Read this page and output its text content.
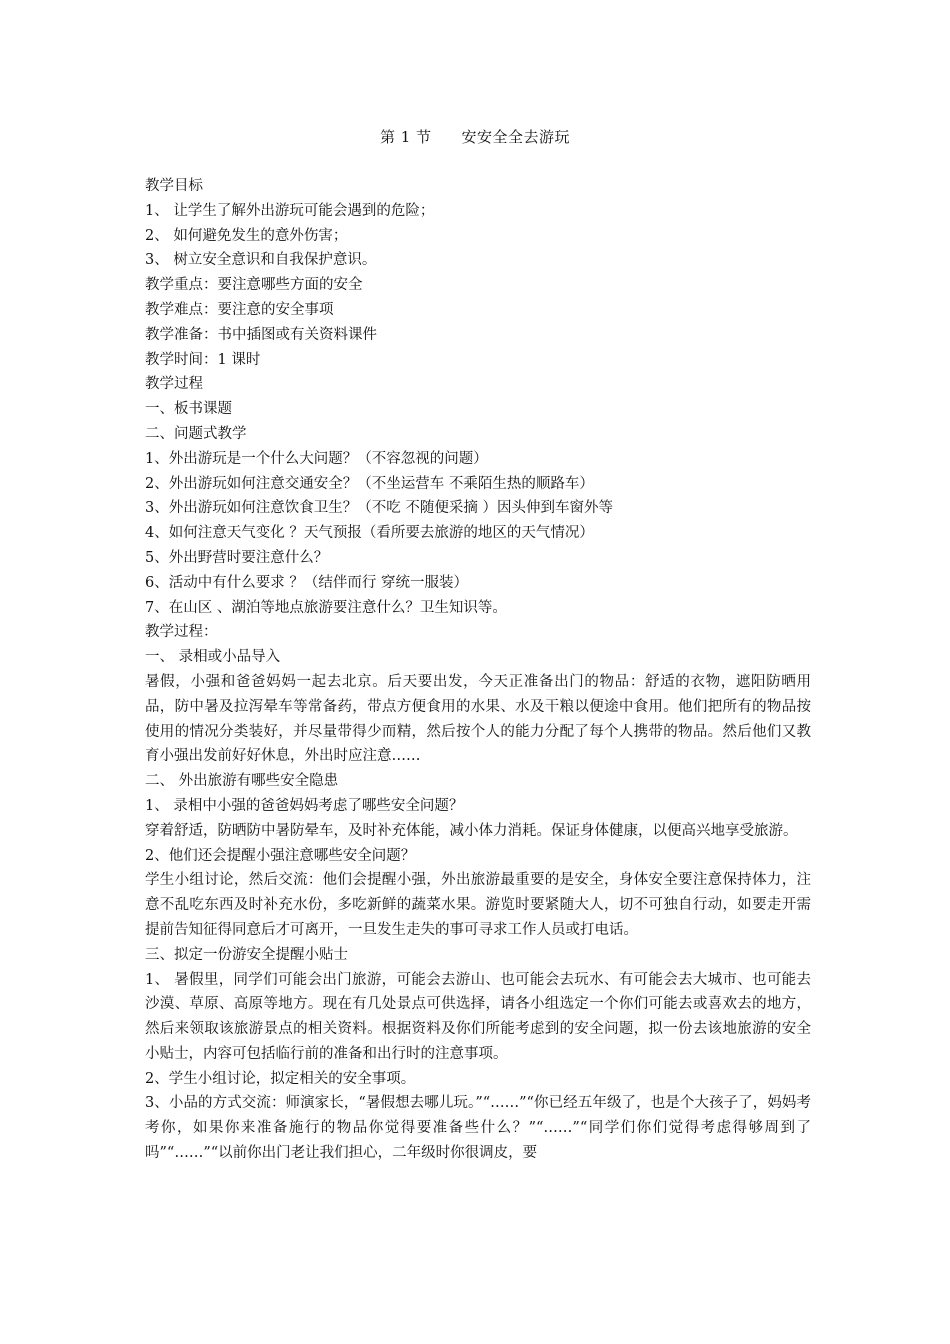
第 1 节 安安全全去游玩

教学目标

1、 让学生了解外出游玩可能会遇到的危险；

2、 如何避免发生的意外伤害；

3、 树立安全意识和自我保护意识。

教学重点：要注意哪些方面的安全

教学难点：要注意的安全事项

教学准备：书中插图或有关资料课件

教学时间：1 课时

教学过程

一、板书课题

二、问题式教学

1、外出游玩是一个什么大问题？（不容忽视的问题）

2、外出游玩如何注意交通安全？（不坐运营车 不乘陌生热的顺路车）

3、外出游玩如何注意饮食卫生？（不吃 不随便采摘 ）因头伸到车窗外等

4、如何注意天气变化 ？天气预报（看所要去旅游的地区的天气情况）

5、外出野营时要注意什么？

6、活动中有什么要求 ？（结伴而行 穿统一服装）

7、在山区 、湖泊等地点旅游要注意什么？卫生知识等。

教学过程：

一、 录相或小品导入

暑假，小强和爸爸妈妈一起去北京。后天要出发，今天正准备出门的物品：舒适的衣物，遮阳防晒用品，防中暑及拉泻晕车等常备药，带点方便食用的水果、水及干粮以便途中食用。他们把所有的物品按使用的情况分类装好，并尽量带得少而精，然后按个人的能力分配了每个人携带的物品。然后他们又教育小强出发前好好休息，外出时应注意……

二、 外出旅游有哪些安全隐患

1、 录相中小强的爸爸妈妈考虑了哪些安全问题？

穿着舒适，防晒防中暑防晕车，及时补充体能，减小体力消耗。保证身体健康，以便高兴地享受旅游。

2、他们还会提醒小强注意哪些安全问题？

学生小组讨论，然后交流：他们会提醒小强，外出旅游最重要的是安全，身体安全要注意保持体力，注意不乱吃东西及时补充水份，多吃新鲜的蔬菜水果。游览时要紧随大人，切不可独自行动，如要走开需提前告知征得同意后才可离开，一旦发生走失的事可寻求工作人员或打电话。

三、拟定一份游安全提醒小贴士

1、 暑假里，同学们可能会出门旅游，可能会去游山、也可能会去玩水、有可能会去大城市、也可能去沙漠、草原、高原等地方。现在有几处景点可供选择，请各小组选定一个你们可能去或喜欢去的地方，然后来领取该旅游景点的相关资料。根据资料及你们所能考虑到的安全问题，拟一份去该地旅游的安全小贴士，内容可包括临行前的准备和出行时的注意事项。

2、学生小组讨论，拟定相关的安全事项。

3、小品的方式交流：师演家长，“暑假想去哪儿玩。”“……”“你已经五年级了，也是个大孩子了，妈妈考考你，如果你来准备施行的物品你觉得要准备些什么？”“……”“同学们你们觉得考虑得够周到了吗”“……”“以前你出门老让我们担心，二年级时你很调皮，要
